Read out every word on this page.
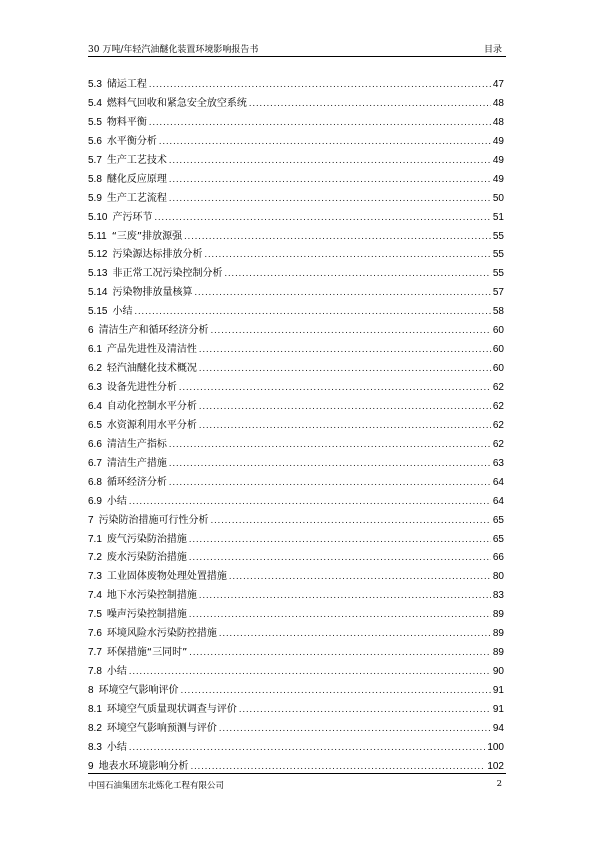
30 万吨/年轻汽油醚化装置环境影响报告书	目录
5.3 储运工程 .....	47
5.4 燃料气回收和紧急安全放空系统 .....	48
5.5 物料平衡 .....	48
5.6 水平衡分析 .....	49
5.7 生产工艺技术 .....	49
5.8 醚化反应原理 .....	49
5.9 生产工艺流程 .....	50
5.10 产污环节 .....	51
5.11 “三废”排放源强 .....	55
5.12 污染源达标排放分析 .....	55
5.13 非正常工况污染控制分析 .....	55
5.14 污染物排放量核算 .....	57
5.15 小结 .....	58
6 清洁生产和循环经济分析 .....	60
6.1 产品先进性及清洁性 .....	60
6.2 轻汽油醚化技术概况 .....	60
6.3 设备先进性分析 .....	62
6.4 自动化控制水平分析 .....	62
6.5 水资源利用水平分析 .....	62
6.6 清洁生产指标 .....	62
6.7 清洁生产措施 .....	63
6.8 循环经济分析 .....	64
6.9 小结 .....	64
7 污染防治措施可行性分析 .....	65
7.1 废气污染防治措施 .....	65
7.2 废水污染防治措施 .....	66
7.3 工业固体废物处理处置措施 .....	80
7.4 地下水污染控制措施 .....	83
7.5 噪声污染控制措施 .....	89
7.6 环境风险水污染防控措施 .....	89
7.7 环保措施“三同时” .....	89
7.8 小结 .....	90
8 环境空气影响评价 .....	91
8.1 环境空气质量现状调查与评价 .....	91
8.2 环境空气影响预测与评价 .....	94
8.3 小结 .....	100
9 地表水环境影响分析 .....	102
中国石油集团东北炼化工程有限公司	2
